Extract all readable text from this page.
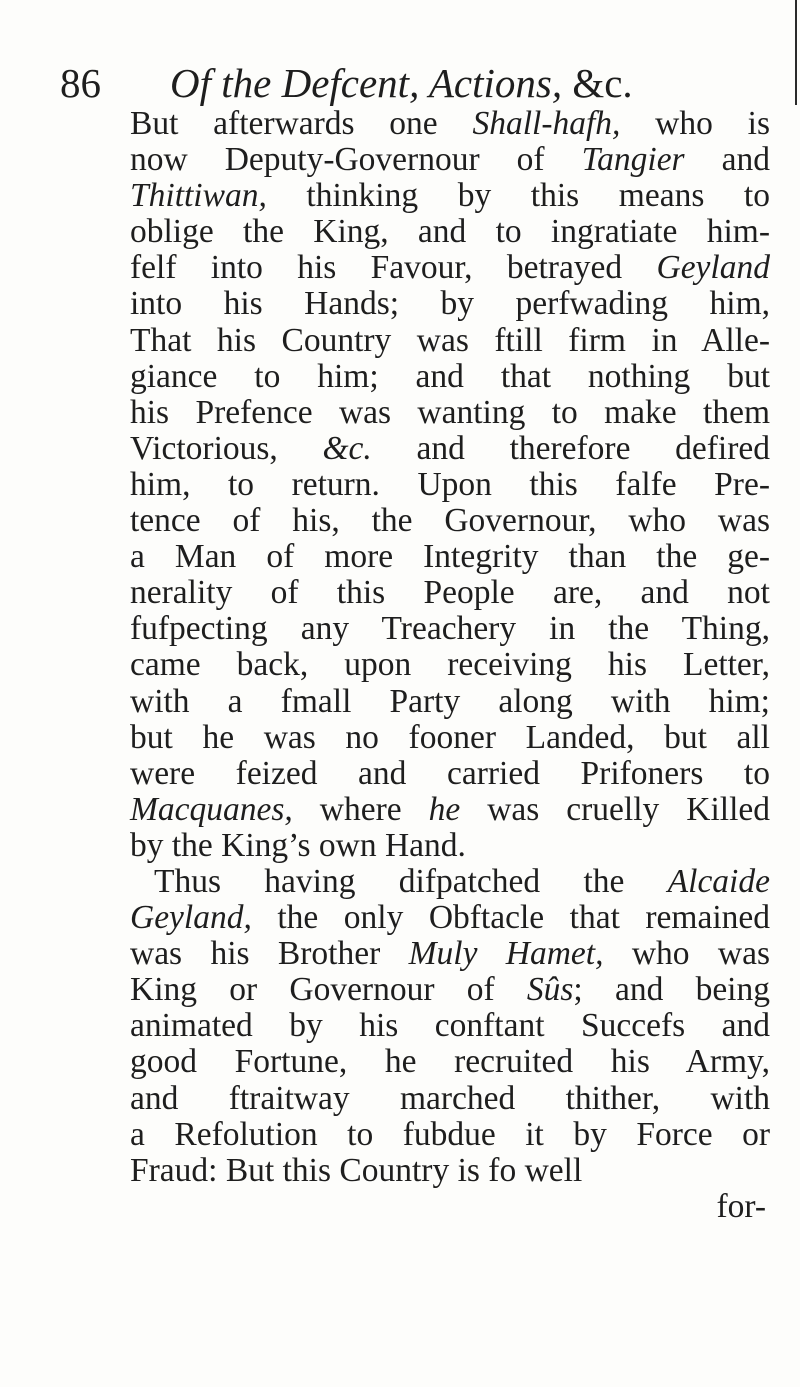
86 Of the Defcent, Actions, &c.
But afterwards one Shall-hafh, who is
now Deputy-Governour of Tangier and
Thittiwan, thinking by this means to
oblige the King, and to ingratiate him-
felf into his Favour, betrayed Geyland
into his Hands; by perfwading him,
That his Country was ftill firm in Alle-
giance to him; and that nothing but
his Prefence was wanting to make them
Victorious, &c. and therefore defired
him, to return. Upon this falfe Pre-
tence of his, the Governour, who was
a Man of more Integrity than the ge-
nerality of this People are, and not
fufpecting any Treachery in the Thing,
came back, upon receiving his Letter,
with a fmall Party along with him;
but he was no fooner Landed, but all
were feized and carried Prifoners to
Macquanes, where he was cruelly Killed
by the King’s own Hand.
Thus having difpatched the Alcaide
Geyland, the only Obftacle that remained
was his Brother Muly Hamet, who was
King or Governour of Sûs; and being
animated by his conftant Succefs and
good Fortune, he recruited his Army,
and ftraitway marched thither, with
a Refolution to fubdue it by Force or
Fraud: But this Country is fo well
for-
